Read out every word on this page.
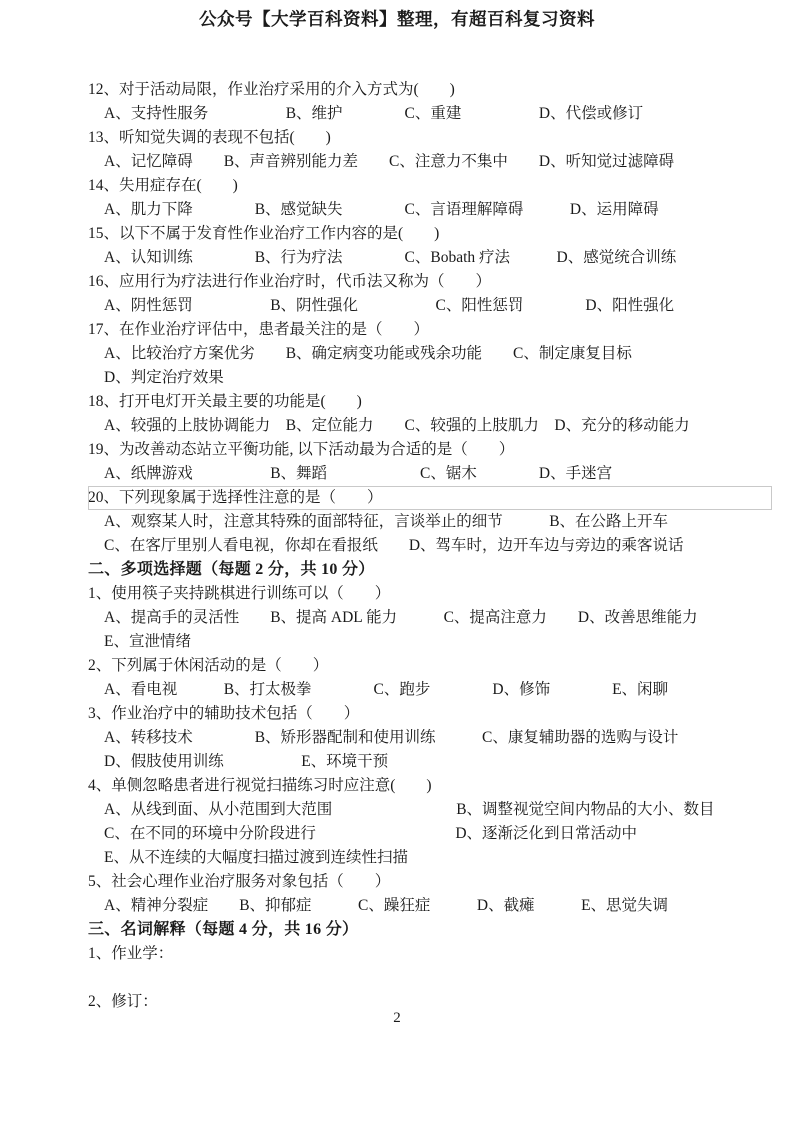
公众号【大学百科资料】整理，有超百科复习资料
12、对于活动局限，作业治疗采用的介入方式为(　　)
A、支持性服务　　　　　B、维护　　　　C、重建　　　　　D、代偿或修订
13、听知觉失调的表现不包括(　　)
A、记忆障碍　　B、声音辨别能力差　　C、注意力不集中　　D、听知觉过滤障碍
14、失用症存在(　　)
A、肌力下降　　　　B、感觉缺失　　　　C、言语理解障碍　　　D、运用障碍
15、以下不属于发育性作业治疗工作内容的是(　　)
A、认知训练　　　　B、行为疗法　　　　C、Bobath 疗法　　　D、感觉统合训练
16、应用行为疗法进行作业治疗时，代币法又称为（　　）
A、阴性惩罚　　　　　B、阴性强化　　　　　C、阳性惩罚　　　　D、阳性强化
17、在作业治疗评估中，患者最关注的是（　　）
A、比较治疗方案优劣　　B、确定病变功能或残余功能　　C、制定康复目标
D、判定治疗效果
18、打开电灯开关最主要的功能是(　　)
A、较强的上肢协调能力　B、定位能力　　C、较强的上肢肌力　D、充分的移动能力
19、为改善动态站立平衡功能, 以下活动最为合适的是（　　）
A、纸牌游戏　　　　　B、舞蹈　　　　　　C、锯木　　　　D、手迷宫
20、下列现象属于选择性注意的是（　　）
A、观察某人时，注意其特殊的面部特征，言谈举止的细节　　　B、在公路上开车
C、在客厅里别人看电视，你却在看报纸　　D、驾车时，边开车边与旁边的乘客说话
二、多项选择题（每题 2 分，共 10 分）
1、使用筷子夹持跳棋进行训练可以（　　）
A、提高手的灵活性　　B、提高 ADL 能力　　　C、提高注意力　　D、改善思维能力
E、宣泄情绪
2、下列属于休闲活动的是（　　）
A、看电视　　　B、打太极拳　　　　C、跑步　　　　D、修饰　　　　E、闲聊
3、作业治疗中的辅助技术包括（　　）
A、转移技术　　　　B、矫形器配制和使用训练　　　C、康复辅助器的选购与设计
D、假肢使用训练　　　　　E、环境干预
4、单侧忽略患者进行视觉扫描练习时应注意(　　)
A、从线到面、从小范围到大范围　　　　　　　　B、调整视觉空间内物品的大小、数目
C、在不同的环境中分阶段进行　　　　　　　　　D、逐渐泛化到日常活动中
E、从不连续的大幅度扫描过渡到连续性扫描
5、社会心理作业治疗服务对象包括（　　）
A、精神分裂症　　B、抑郁症　　　C、躁狂症　　　D、截瘫　　　E、思觉失调
三、名词解释（每题 4 分，共 16 分）
1、作业学：
2、修订：
2
